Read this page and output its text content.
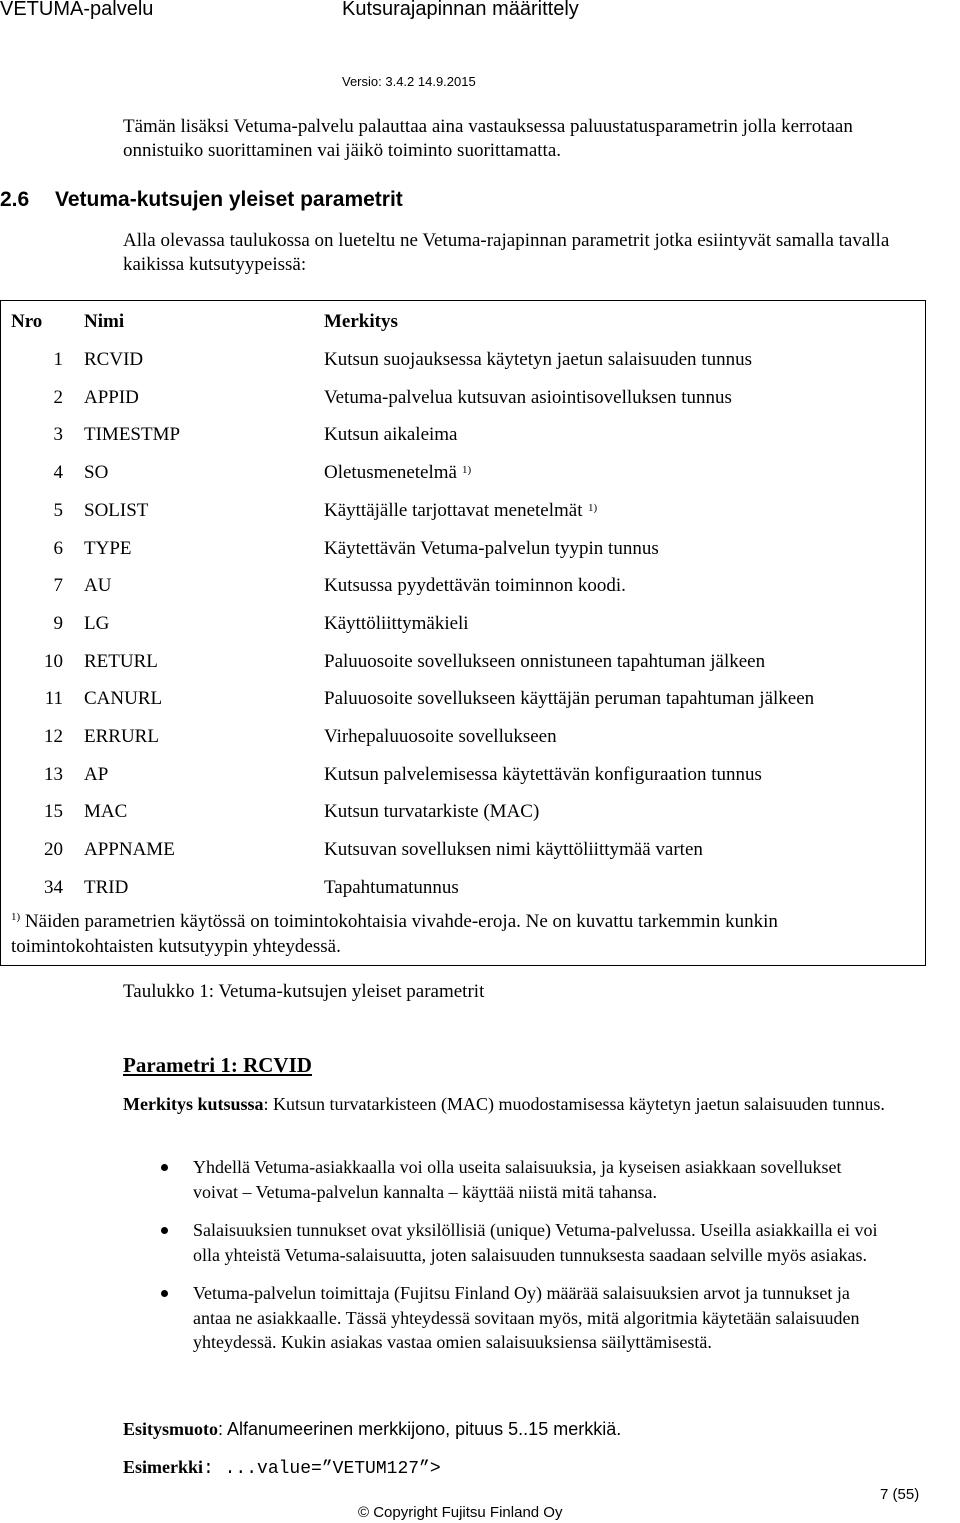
VETUMA-palvelu	Kutsurajapinnan määrittely
Versio: 3.4.2 14.9.2015
Tämän lisäksi Vetuma-palvelu palauttaa aina vastauksessa paluustatusparametrin jolla kerrotaan onnistuiko suorittaminen vai jäikö toiminto suorittamatta.
2.6 Vetuma-kutsujen yleiset parametrit
Alla olevassa taulukossa on lueteltu ne Vetuma-rajapinnan parametrit jotka esiintyvät samalla tavalla kaikissa kutsutyypeissä:
Nro Nimi	Merkitys
1 RCVID	Kutsun suojauksessa käytetyn jaetun salaisuuden tunnus
2 APPID	Vetuma-palvelua kutsuvan asiointisovelluksen tunnus
3 TIMESTMP	Kutsun aikaleima
4 SO	Oletusmenetelmä 1)
5 SOLIST	Käyttäjälle tarjottavat menetelmät 1)
6 TYPE	Käytettävän Vetuma-palvelun tyypin tunnus
7 AU	Kutsussa pyydettävän toiminnon koodi.
9 LG	Käyttöliittymäkieli
10 RETURL	Paluuosoite sovellukseen onnistuneen tapahtuman jälkeen
11 CANURL	Paluuosoite sovellukseen käyttäjän peruman tapahtuman jälkeen
12 ERRURL	Virhepaluuosoite sovellukseen
13 AP	Kutsun palvelemisessa käytettävän konfiguraation tunnus
15 MAC	Kutsun turvatarkiste (MAC)
20 APPNAME	Kutsuvan sovelluksen nimi käyttöliittymää varten
34 TRID	Tapahtumatunnus
$^{1)}$ Näiden parametrien käytössä on toimintokohtaisia vivahde-eroja. Ne on kuvattu tarkemmin kunkin toimintokohtaisten kutsutyypin yhteydessä.
Taulukko 1: Vetuma-kutsujen yleiset parametrit
Parametri 1: RCVID
Merkitys kutsussa: Kutsun turvatarkisteen (MAC) muodostamisessa käytetyn jaetun salaisuuden tunnus.
Yhdellä Vetuma-asiakkaalla voi olla useita salaisuuksia, ja kyseisen asiakkaan sovellukset voivat – Vetuma-palvelun kannalta – käyttää niistä mitä tahansa.
Salaisuuksien tunnukset ovat yksilöllisiä (unique) Vetuma-palvelussa. Useilla asiakkailla ei voi olla yhteistä Vetuma-salaisuutta, joten salaisuuden tunnuksesta saadaan selville myös asiakas.
Vetuma-palvelun toimittaja (Fujitsu Finland Oy) määrää salaisuuksien arvot ja tunnukset ja antaa ne asiakkaalle. Tässä yhteydessä sovitaan myös, mitä algoritmia käytetään salaisuuden yhteydessä. Kukin asiakas vastaa omien salaisuuksiensa säilyttämisestä.
Esitysmuoto: Alfanumeerinen merkkijono, pituus 5..15 merkkiä.
Esimerkki: ...value=”VETUM127”>
© Copyright Fujitsu Finland Oy
7 (55)
